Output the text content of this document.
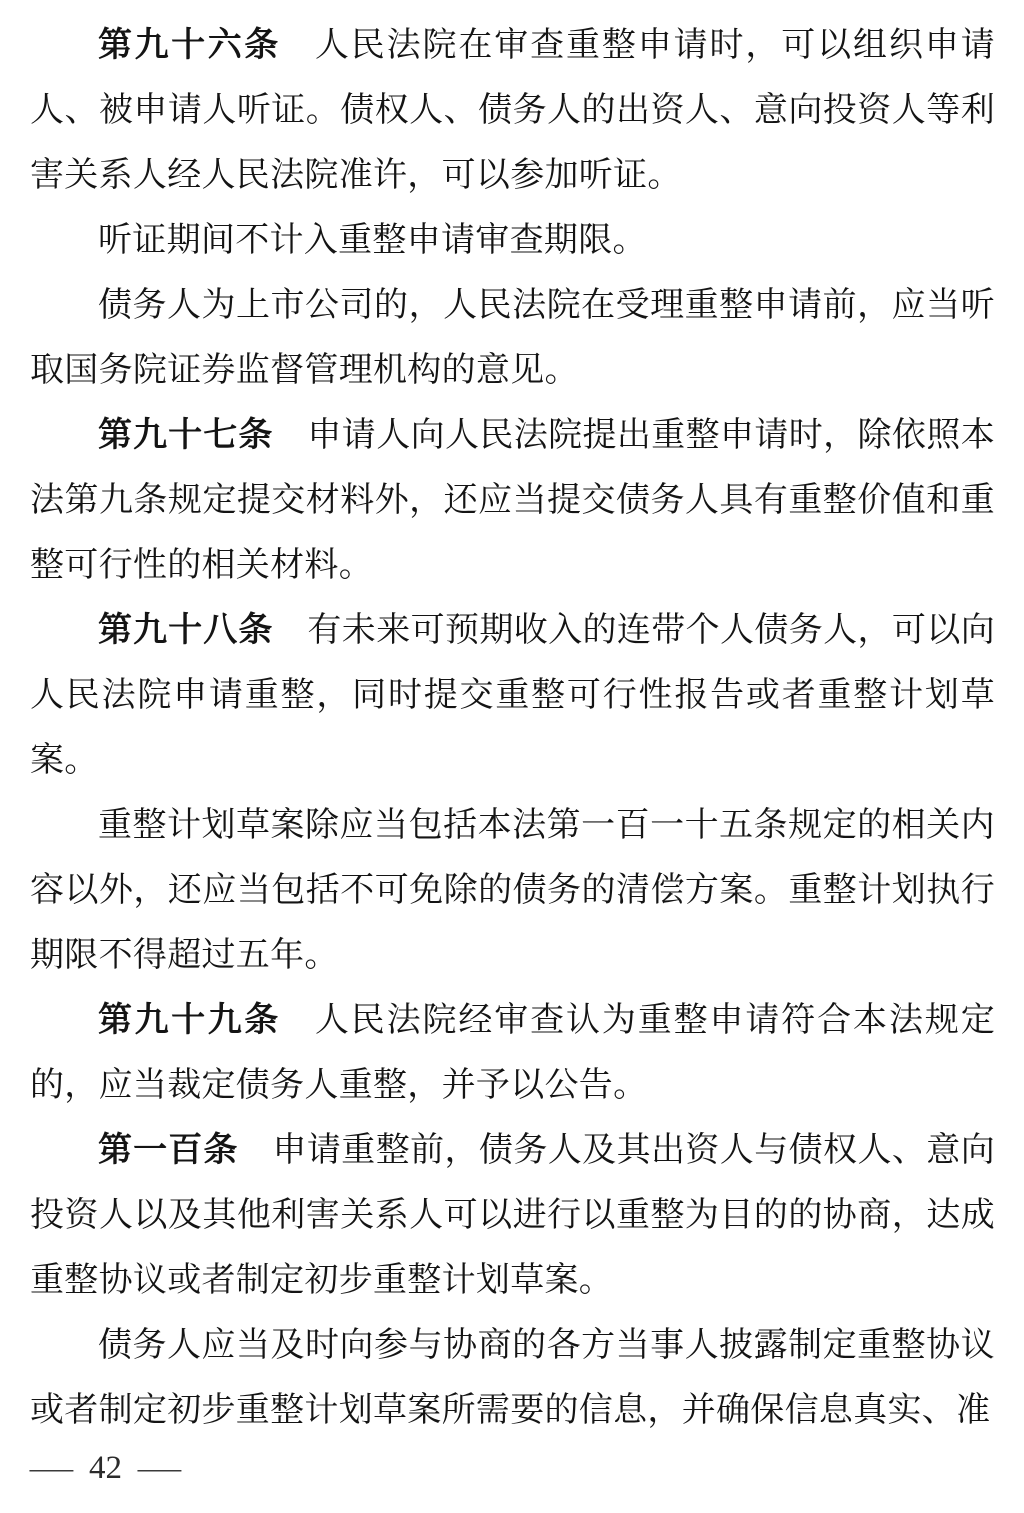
第九十六条 人民法院在审查重整申请时，可以组织申请人、被申请人听证。债权人、债务人的出资人、意向投资人等利害关系人经人民法院准许，可以参加听证。

听证期间不计入重整申请审查期限。

债务人为上市公司的，人民法院在受理重整申请前，应当听取国务院证券监督管理机构的意见。

第九十七条 申请人向人民法院提出重整申请时，除依照本法第九条规定提交材料外，还应当提交债务人具有重整价值和重整可行性的相关材料。

第九十八条 有未来可预期收入的连带个人债务人，可以向人民法院申请重整，同时提交重整可行性报告或者重整计划草案。

重整计划草案除应当包括本法第一百一十五条规定的相关内容以外，还应当包括不可免除的债务的清偿方案。重整计划执行期限不得超过五年。

第九十九条 人民法院经审查认为重整申请符合本法规定的，应当裁定债务人重整，并予以公告。

第一百条 申请重整前，债务人及其出资人与债权人、意向投资人以及其他利害关系人可以进行以重整为目的的协商，达成重整协议或者制定初步重整计划草案。

债务人应当及时向参与协商的各方当事人披露制定重整协议或者制定初步重整计划草案所需要的信息，并确保信息真实、准

— 42 —
